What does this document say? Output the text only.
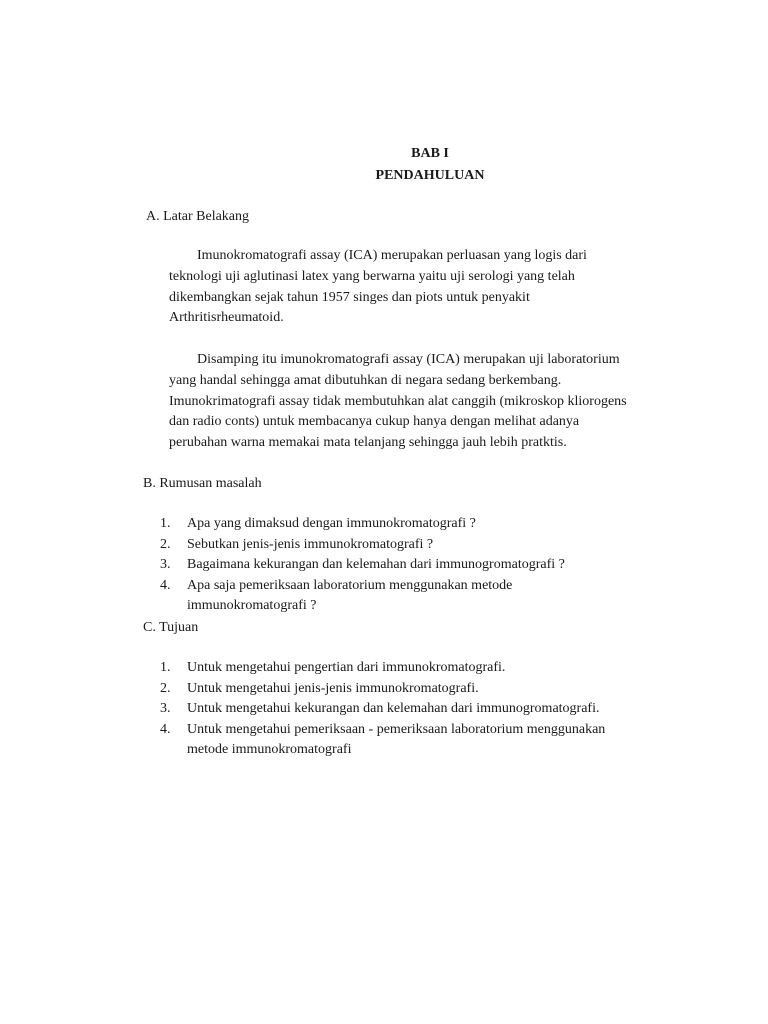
BAB I
PENDAHULUAN
A. Latar Belakang
Imunokromatografi assay (ICA) merupakan perluasan yang logis dari
teknologi uji aglutinasi latex yang berwarna yaitu uji serologi yang telah
dikembangkan sejak tahun 1957 singes dan piots untuk penyakit
Arthritisrheumatoid.
Disamping itu imunokromatografi assay (ICA) merupakan uji laboratorium
yang handal sehingga amat dibutuhkan di negara sedang berkembang.
Imunokrimatografi assay tidak membutuhkan alat canggih (mikroskop kliorogens
dan radio conts) untuk membacanya cukup hanya dengan melihat adanya
perubahan warna memakai mata telanjang sehingga jauh lebih pratktis.
B. Rumusan masalah
1. Apa yang dimaksud dengan immunokromatografi ?
2. Sebutkan jenis-jenis immunokromatografi ?
3. Bagaimana kekurangan dan kelemahan dari immunogromatografi ?
4. Apa saja pemeriksaan laboratorium menggunakan metode
immunokromatografi ?
C. Tujuan
1. Untuk mengetahui pengertian dari immunokromatografi.
2. Untuk mengetahui jenis-jenis immunokromatografi.
3. Untuk mengetahui kekurangan dan kelemahan dari immunogromatografi.
4. Untuk mengetahui pemeriksaan - pemeriksaan laboratorium menggunakan
metode immunokromatografi
